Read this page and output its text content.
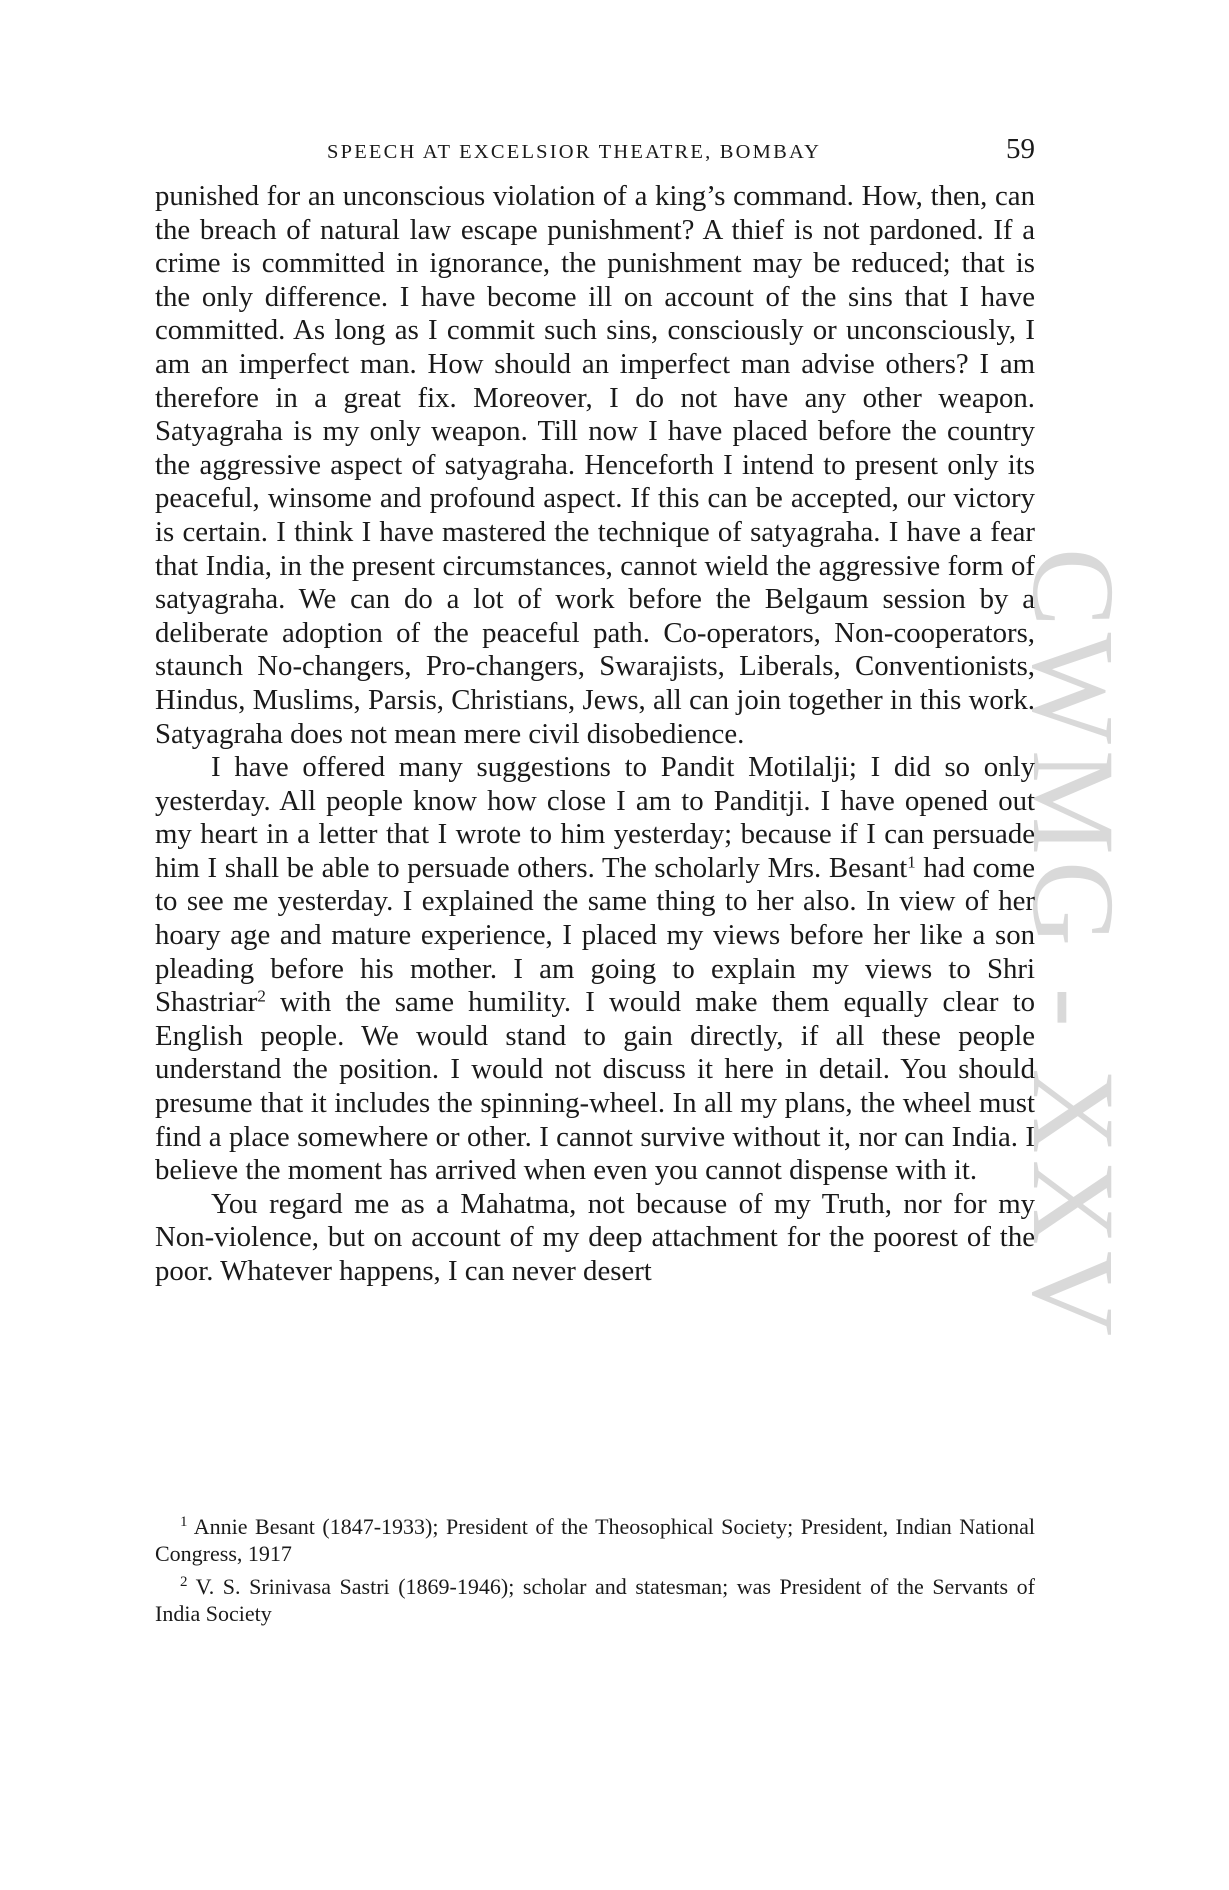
CWMG - XXV
SPEECH AT EXCELSIOR THEATRE, BOMBAY	59

punished for an unconscious violation of a king’s command. How, then, can the breach of natural law escape punishment? A thief is not pardoned. If a crime is committed in ignorance, the punishment may be reduced; that is the only difference. I have become ill on account of the sins that I have committed. As long as I commit such sins, consciously or unconsciously, I am an imperfect man. How should an imperfect man advise others? I am therefore in a great fix. Moreover, I do not have any other weapon. Satyagraha is my only weapon. Till now I have placed before the country the aggressive aspect of satyagraha. Henceforth I intend to present only its peaceful, winsome and profound aspect. If this can be accepted, our victory is certain. I think I have mastered the technique of satyagraha. I have a fear that India, in the present circumstances, cannot wield the aggressive form of satyagraha. We can do a lot of work before the Belgaum session by a deliberate adoption of the peaceful path. Co-operators, Non-cooperators, staunch No-changers, Pro-changers, Swarajists, Liberals, Conventionists, Hindus, Muslims, Parsis, Christians, Jews, all can join together in this work. Satyagraha does not mean mere civil disobedience.

I have offered many suggestions to Pandit Motilalji; I did so only yesterday. All people know how close I am to Panditji. I have opened out my heart in a letter that I wrote to him yesterday; because if I can persuade him I shall be able to persuade others. The scholarly Mrs. Besant$^1$ had come to see me yesterday. I explained the same thing to her also. In view of her hoary age and mature experience, I placed my views before her like a son pleading before his mother. I am going to explain my views to Shri Shastriar$^2$ with the same humility. I would make them equally clear to English people. We would stand to gain directly, if all these people understand the position. I would not discuss it here in detail. You should presume that it includes the spinning-wheel. In all my plans, the wheel must find a place somewhere or other. I cannot survive without it, nor can India. I believe the moment has arrived when even you cannot dispense with it.

You regard me as a Mahatma, not because of my Truth, nor for my Non-violence, but on account of my deep attachment for the poorest of the poor. Whatever happens, I can never desert

$^1$ Annie Besant (1847-1933); President of the Theosophical Society; President, Indian National Congress, 1917

$^2$ V. S. Srinivasa Sastri (1869-1946); scholar and statesman; was President of the Servants of India Society
